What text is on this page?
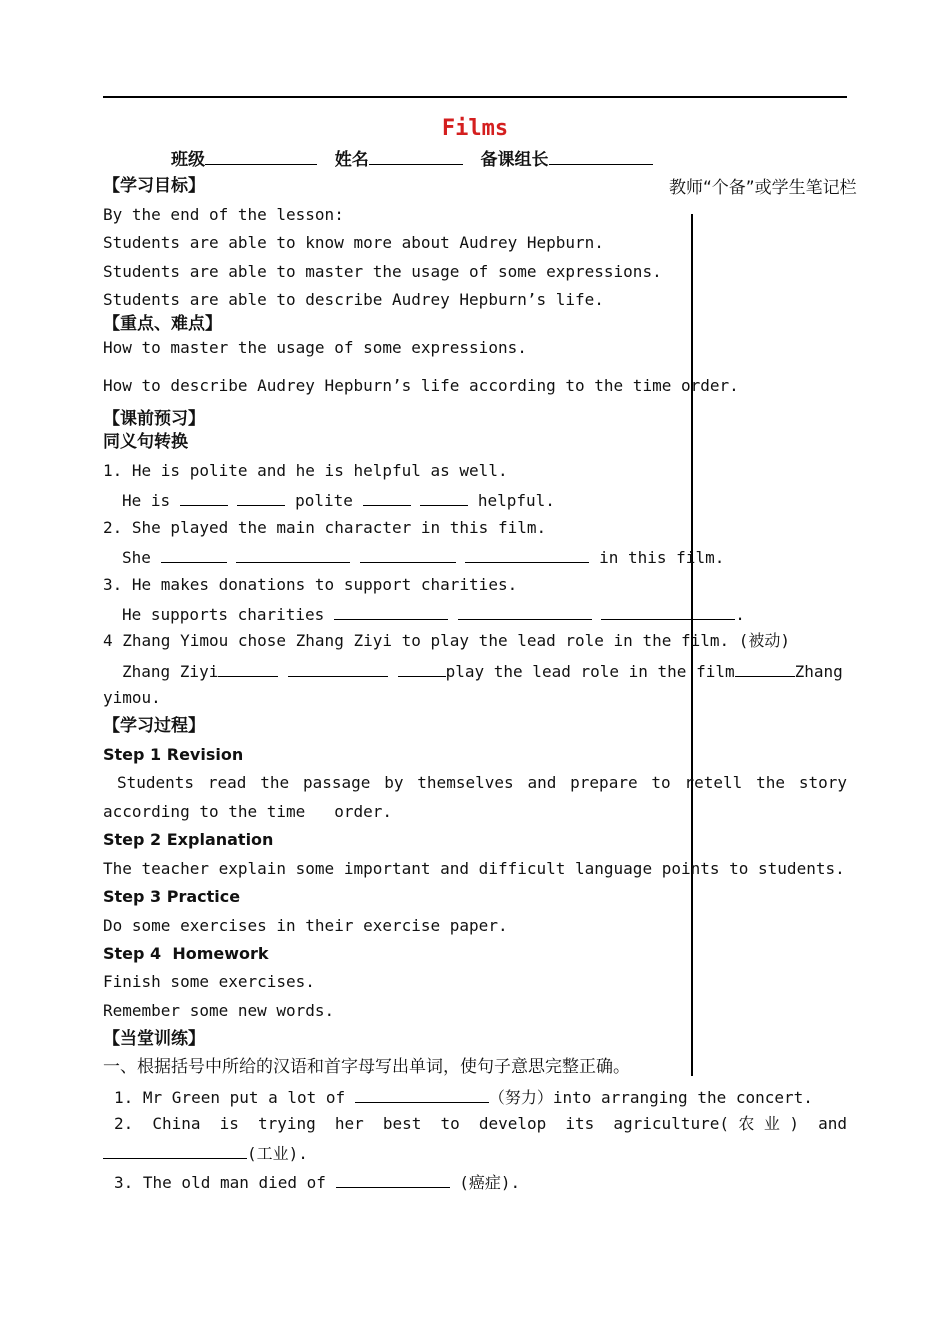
Films
班级	姓名	备课组长
【学习目标】	教师“个备”或学生笔记栏
By the end of the lesson:
Students are able to know more about Audrey Hepburn.
Students are able to master the usage of some expressions.
Students are able to describe Audrey Hepburn’s life.
【重点、难点】
How to master the usage of some expressions.
How to describe Audrey Hepburn’s life according to the time order.
【课前预习】
同义句转换
1. He is polite and he is helpful as well.
He is	polite	helpful.
2. She played the main character in this film.
She	in this film.
3. He makes donations to support charities.
He supports charities	.
4 Zhang Yimou chose Zhang Ziyi to play the lead role in the film. (被动)
Zhang Ziyi	play the lead role in the film	Zhang
yimou.
【学习过程】
Step 1 Revision
Students read the passage by themselves and prepare to retell the story
according to the time   order.
Step 2 Explanation
The teacher explain some important and difficult language points to students.
Step 3 Practice
Do some exercises in their exercise paper.
Step 4  Homework
Finish some exercises.
Remember some new words.
【当堂训练】
一、根据括号中所给的汉语和首字母写出单词，使句子意思完整正确。
1. Mr Green put a lot of	（努力）into arranging the concert.
2. China is trying her best to develop its agriculture(农业) and
(工业).
3. The old man died of	(癌症).
